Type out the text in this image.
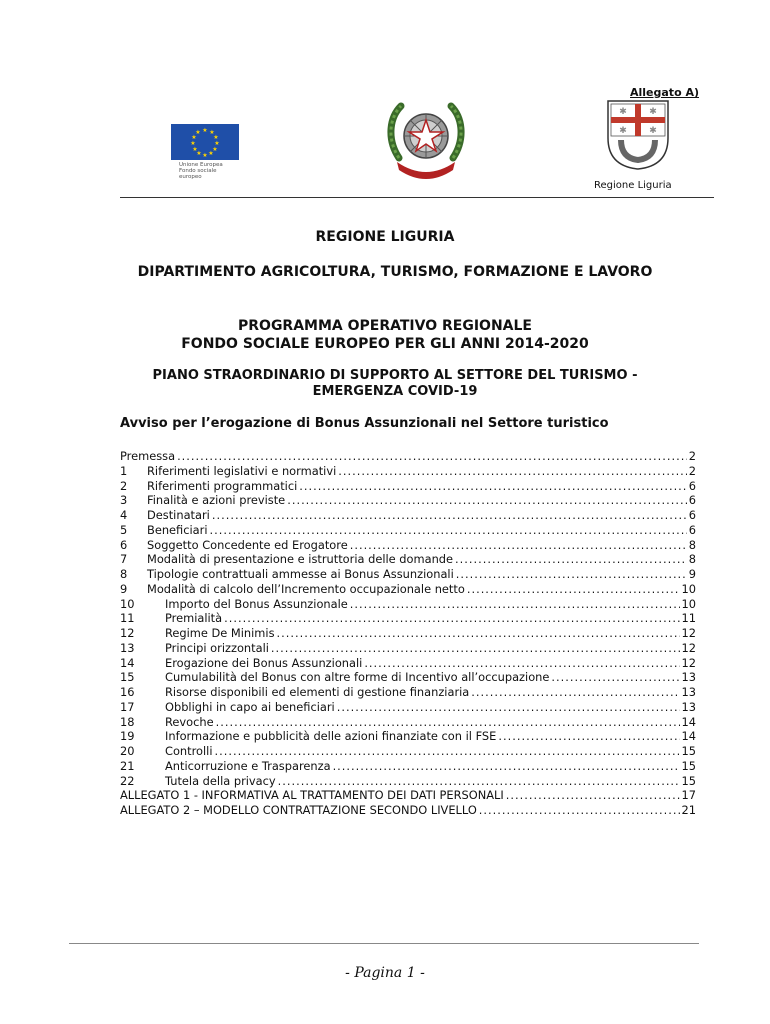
Allegato A)
★ ★
★
★
★
★
★
★
★
★
★
★
Unione Europea
Fondo sociale europeo
✱ ✱
✱ ✱
Regione Liguria
REGIONE LIGURIA
DIPARTIMENTO AGRICOLTURA, TURISMO, FORMAZIONE E LAVORO
PROGRAMMA OPERATIVO REGIONALE
FONDO SOCIALE EUROPEO PER GLI ANNI 2014-2020
PIANO STRAORDINARIO DI SUPPORTO AL SETTORE DEL TURISMO - EMERGENZA COVID-19
Avviso per l’erogazione di Bonus Assunzionali nel Settore turistico
Premessa .....	2
1	Riferimenti legislativi e normativi .....	2
2	Riferimenti programmatici .....	6
3	Finalità e azioni previste .....	6
4	Destinatari .....	6
5	Beneficiari .....	6
6	Soggetto Concedente ed Erogatore .....	8
7	Modalità di presentazione e istruttoria delle domande .....	8
8	Tipologie contrattuali ammesse ai Bonus Assunzionali .....	9
9	Modalità di calcolo dell’Incremento occupazionale netto .....	10
10	Importo del Bonus Assunzionale .....	10
11	Premialità .....	11
12	Regime De Minimis .....	12
13	Principi orizzontali .....	12
14	Erogazione dei Bonus Assunzionali .....	12
15	Cumulabilità del Bonus con altre forme di Incentivo all’occupazione .....	13
16	Risorse disponibili ed elementi di gestione finanziaria .....	13
17	Obblighi in capo ai beneficiari .....	13
18	Revoche .....	14
19	Informazione e pubblicità delle azioni finanziate con il FSE .....	14
20	Controlli .....	15
21	Anticorruzione e Trasparenza .....	15
22	Tutela della privacy .....	15
ALLEGATO 1 - INFORMATIVA AL TRATTAMENTO DEI DATI PERSONALI .....	17
ALLEGATO 2 – MODELLO CONTRATTAZIONE SECONDO LIVELLO .....	21
- Pagina 1 -
